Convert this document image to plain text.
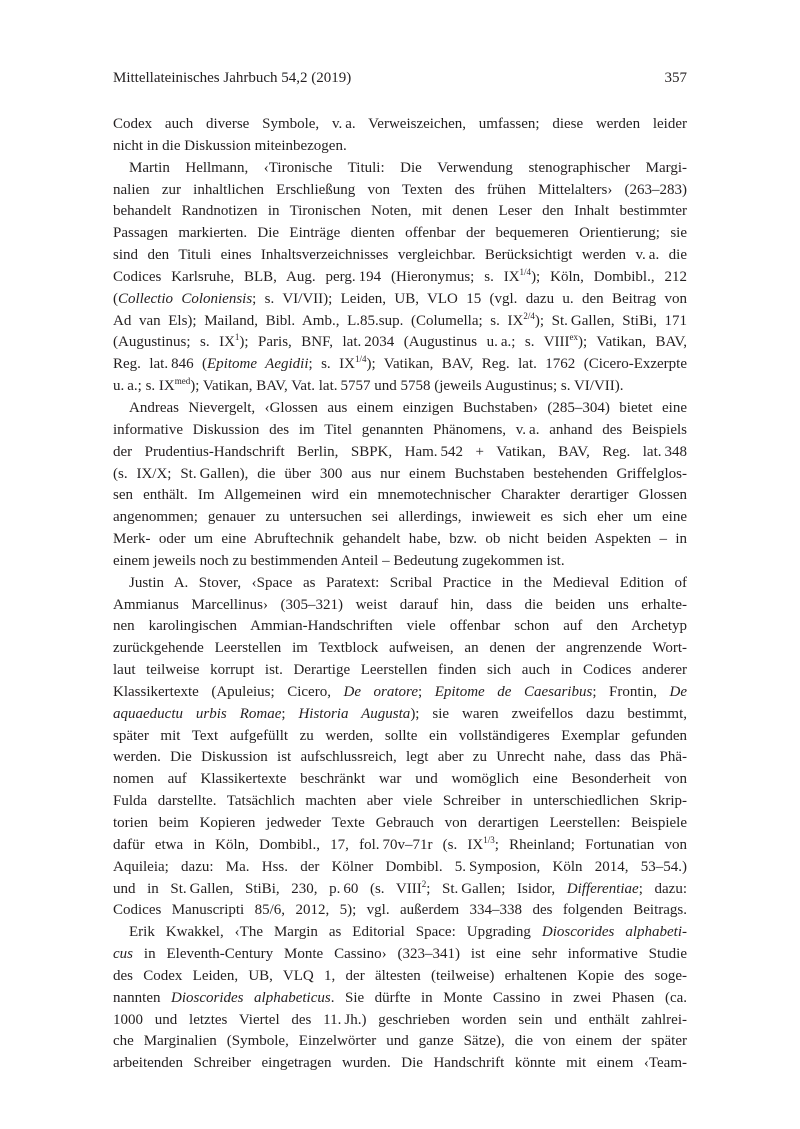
Mittellateinisches Jahrbuch 54,2 (2019)	357
Codex auch diverse Symbole, v. a. Verweiszeichen, umfassen; diese werden leider
nicht in die Diskussion miteinbezogen.
Martin Hellmann, ‹Tironische Tituli: Die Verwendung stenographischer Margi-
nalien zur inhaltlichen Erschließung von Texten des frühen Mittelalters› (263–283)
behandelt Randnotizen in Tironischen Noten, mit denen Leser den Inhalt bestimmter
Passagen markierten. Die Einträge dienten offenbar der bequemeren Orientierung; sie
sind den Tituli eines Inhaltsverzeichnisses vergleichbar. Berücksichtigt werden v. a. die
Codices Karlsruhe, BLB, Aug. perg. 194 (Hieronymus; s. $IX^{1/4}$); Köln, Dombibl., 212
(Collectio Coloniensis; s. VI/VII); Leiden, UB, VLO 15 (vgl. dazu u. den Beitrag von
Ad van Els); Mailand, Bibl. Amb., L.85.sup. (Columella; s. $IX^{2/4}$); St. Gallen, StiBi, 171
(Augustinus; s. $IX^1$); Paris, BNF, lat. 2034 (Augustinus u. a.; s. $VIII^{ex}$); Vatikan, BAV,
Reg. lat. 846 (Epitome Aegidii; s. $IX^{1/4}$); Vatikan, BAV, Reg. lat. 1762 (Cicero-Exzerpte
u. a.; s. $IX^{med}$); Vatikan, BAV, Vat. lat. 5757 und 5758 (jeweils Augustinus; s. VI/VII).
Andreas Nievergelt, ‹Glossen aus einem einzigen Buchstaben› (285–304) bietet eine
informative Diskussion des im Titel genannten Phänomens, v. a. anhand des Beispiels
der Prudentius-Handschrift Berlin, SBPK, Ham. 542 + Vatikan, BAV, Reg. lat. 348
(s. IX/X; St. Gallen), die über 300 aus nur einem Buchstaben bestehenden Griffelglos-
sen enthält. Im Allgemeinen wird ein mnemotechnischer Charakter derartiger Glossen
angenommen; genauer zu untersuchen sei allerdings, inwieweit es sich eher um eine
Merk- oder um eine Abruftechnik gehandelt habe, bzw. ob nicht beiden Aspekten – in
einem jeweils noch zu bestimmenden Anteil – Bedeutung zugekommen ist.
Justin A. Stover, ‹Space as Paratext: Scribal Practice in the Medieval Edition of
Ammianus Marcellinus› (305–321) weist darauf hin, dass die beiden uns erhalte-
nen karolingischen Ammian-Handschriften viele offenbar schon auf den Archetyp
zurückgehende Leerstellen im Textblock aufweisen, an denen der angrenzende Wort-
laut teilweise korrupt ist. Derartige Leerstellen finden sich auch in Codices anderer
Klassikertexte (Apuleius; Cicero, De oratore; Epitome de Caesaribus; Frontin, De
aquaeductu urbis Romae; Historia Augusta); sie waren zweifellos dazu bestimmt,
später mit Text aufgefüllt zu werden, sollte ein vollständigeres Exemplar gefunden
werden. Die Diskussion ist aufschlussreich, legt aber zu Unrecht nahe, dass das Phä-
nomen auf Klassikertexte beschränkt war und womöglich eine Besonderheit von
Fulda darstellte. Tatsächlich machten aber viele Schreiber in unterschiedlichen Skrip-
torien beim Kopieren jedweder Texte Gebrauch von derartigen Leerstellen: Beispiele
dafür etwa in Köln, Dombibl., 17, fol. 70v–71r (s. $IX^{1/3}$; Rheinland; Fortunatian von
Aquileia; dazu: Ma. Hss. der Kölner Dombibl. 5. Symposion, Köln 2014, 53–54.)
und in St. Gallen, StiBi, 230, p. 60 (s. VIII$^2$; St. Gallen; Isidor, Differentiae; dazu:
Codices Manuscripti 85/6, 2012, 5); vgl. außerdem 334–338 des folgenden Beitrags.
Erik Kwakkel, ‹The Margin as Editorial Space: Upgrading Dioscorides alphabeti-
cus in Eleventh-Century Monte Cassino› (323–341) ist eine sehr informative Studie
des Codex Leiden, UB, VLQ 1, der ältesten (teilweise) erhaltenen Kopie des soge-
nannten Dioscorides alphabeticus. Sie dürfte in Monte Cassino in zwei Phasen (ca.
1000 und letztes Viertel des 11. Jh.) geschrieben worden sein und enthält zahlrei-
che Marginalien (Symbole, Einzelwörter und ganze Sätze), die von einem der später
arbeitenden Schreiber eingetragen wurden. Die Handschrift könnte mit einem ‹Team-
